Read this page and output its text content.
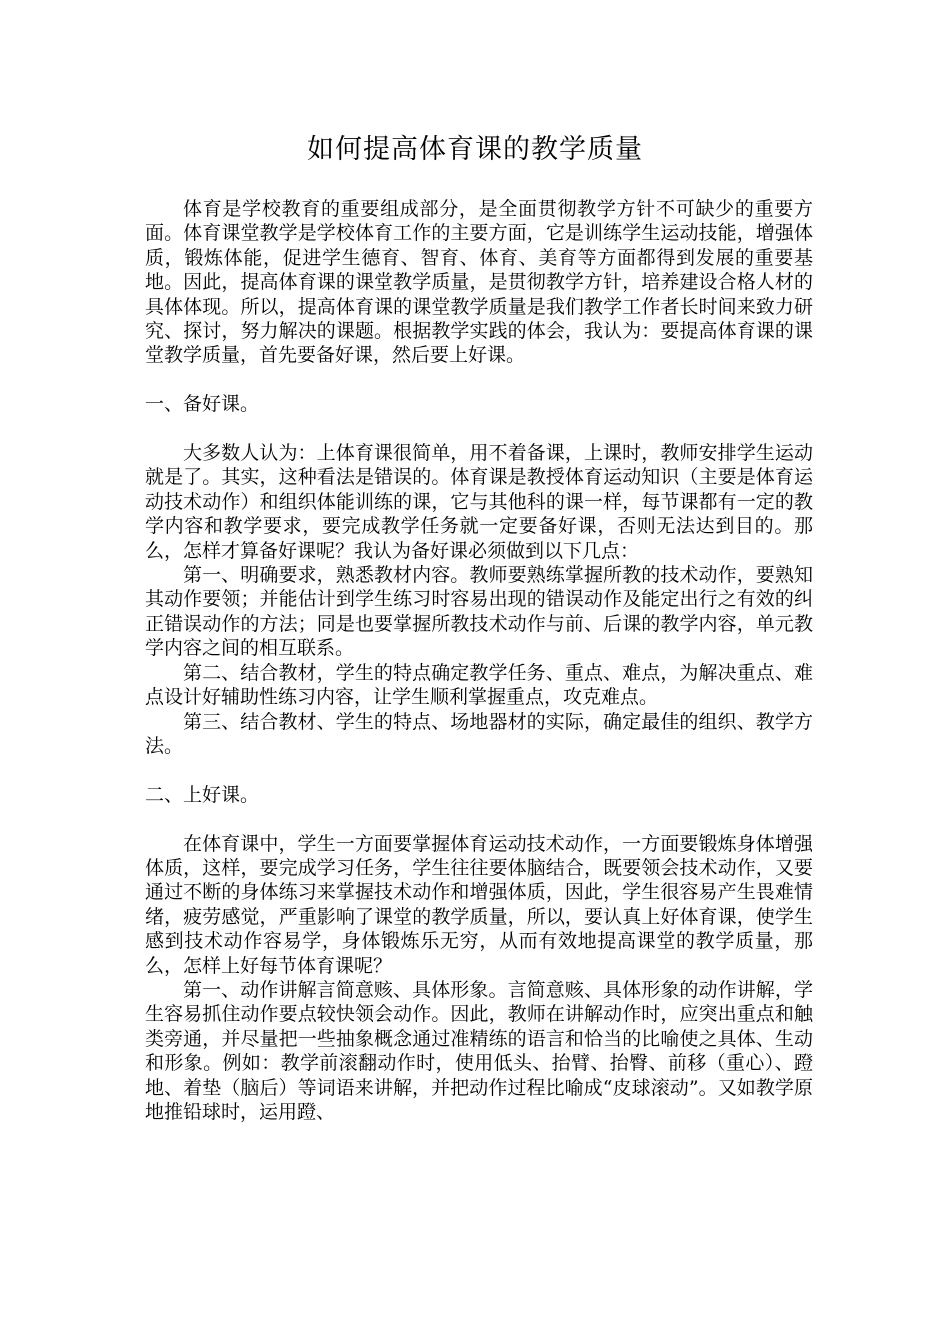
如何提高体育课的教学质量

体育是学校教育的重要组成部分，是全面贯彻教学方针不可缺少的重要方面。体育课堂教学是学校体育工作的主要方面，它是训练学生运动技能，增强体质，锻炼体能，促进学生德育、智育、体育、美育等方面都得到发展的重要基地。因此，提高体育课的课堂教学质量，是贯彻教学方针，培养建设合格人材的具体体现。所以，提高体育课的课堂教学质量是我们教学工作者长时间来致力研究、探讨，努力解决的课题。根据教学实践的体会，我认为：要提高体育课的课堂教学质量，首先要备好课，然后要上好课。

一、备好课。

大多数人认为：上体育课很简单，用不着备课，上课时，教师安排学生运动就是了。其实，这种看法是错误的。体育课是教授体育运动知识（主要是体育运动技术动作）和组织体能训练的课，它与其他科的课一样，每节课都有一定的教学内容和教学要求，要完成教学任务就一定要备好课，否则无法达到目的。那么，怎样才算备好课呢？我认为备好课必须做到以下几点：

第一、明确要求，熟悉教材内容。教师要熟练掌握所教的技术动作，要熟知其动作要领；并能估计到学生练习时容易出现的错误动作及能定出行之有效的纠正错误动作的方法；同是也要掌握所教技术动作与前、后课的教学内容，单元教学内容之间的相互联系。

第二、结合教材，学生的特点确定教学任务、重点、难点，为解决重点、难点设计好辅助性练习内容，让学生顺利掌握重点，攻克难点。

第三、结合教材、学生的特点、场地器材的实际，确定最佳的组织、教学方法。

二、上好课。

在体育课中，学生一方面要掌握体育运动技术动作，一方面要锻炼身体增强体质，这样，要完成学习任务，学生往往要体脑结合，既要领会技术动作，又要通过不断的身体练习来掌握技术动作和增强体质，因此，学生很容易产生畏难情绪，疲劳感觉，严重影响了课堂的教学质量，所以，要认真上好体育课，使学生感到技术动作容易学，身体锻炼乐无穷，从而有效地提高课堂的教学质量，那么，怎样上好每节体育课呢？

第一、动作讲解言简意赅、具体形象。言简意赅、具体形象的动作讲解，学生容易抓住动作要点较快领会动作。因此，教师在讲解动作时，应突出重点和触类旁通，并尽量把一些抽象概念通过准精练的语言和恰当的比喻使之具体、生动和形象。例如：教学前滚翻动作时，使用低头、抬臂、抬臀、前移（重心）、蹬地、着垫（脑后）等词语来讲解，并把动作过程比喻成“皮球滚动”。又如教学原地推铅球时，运用蹬、
